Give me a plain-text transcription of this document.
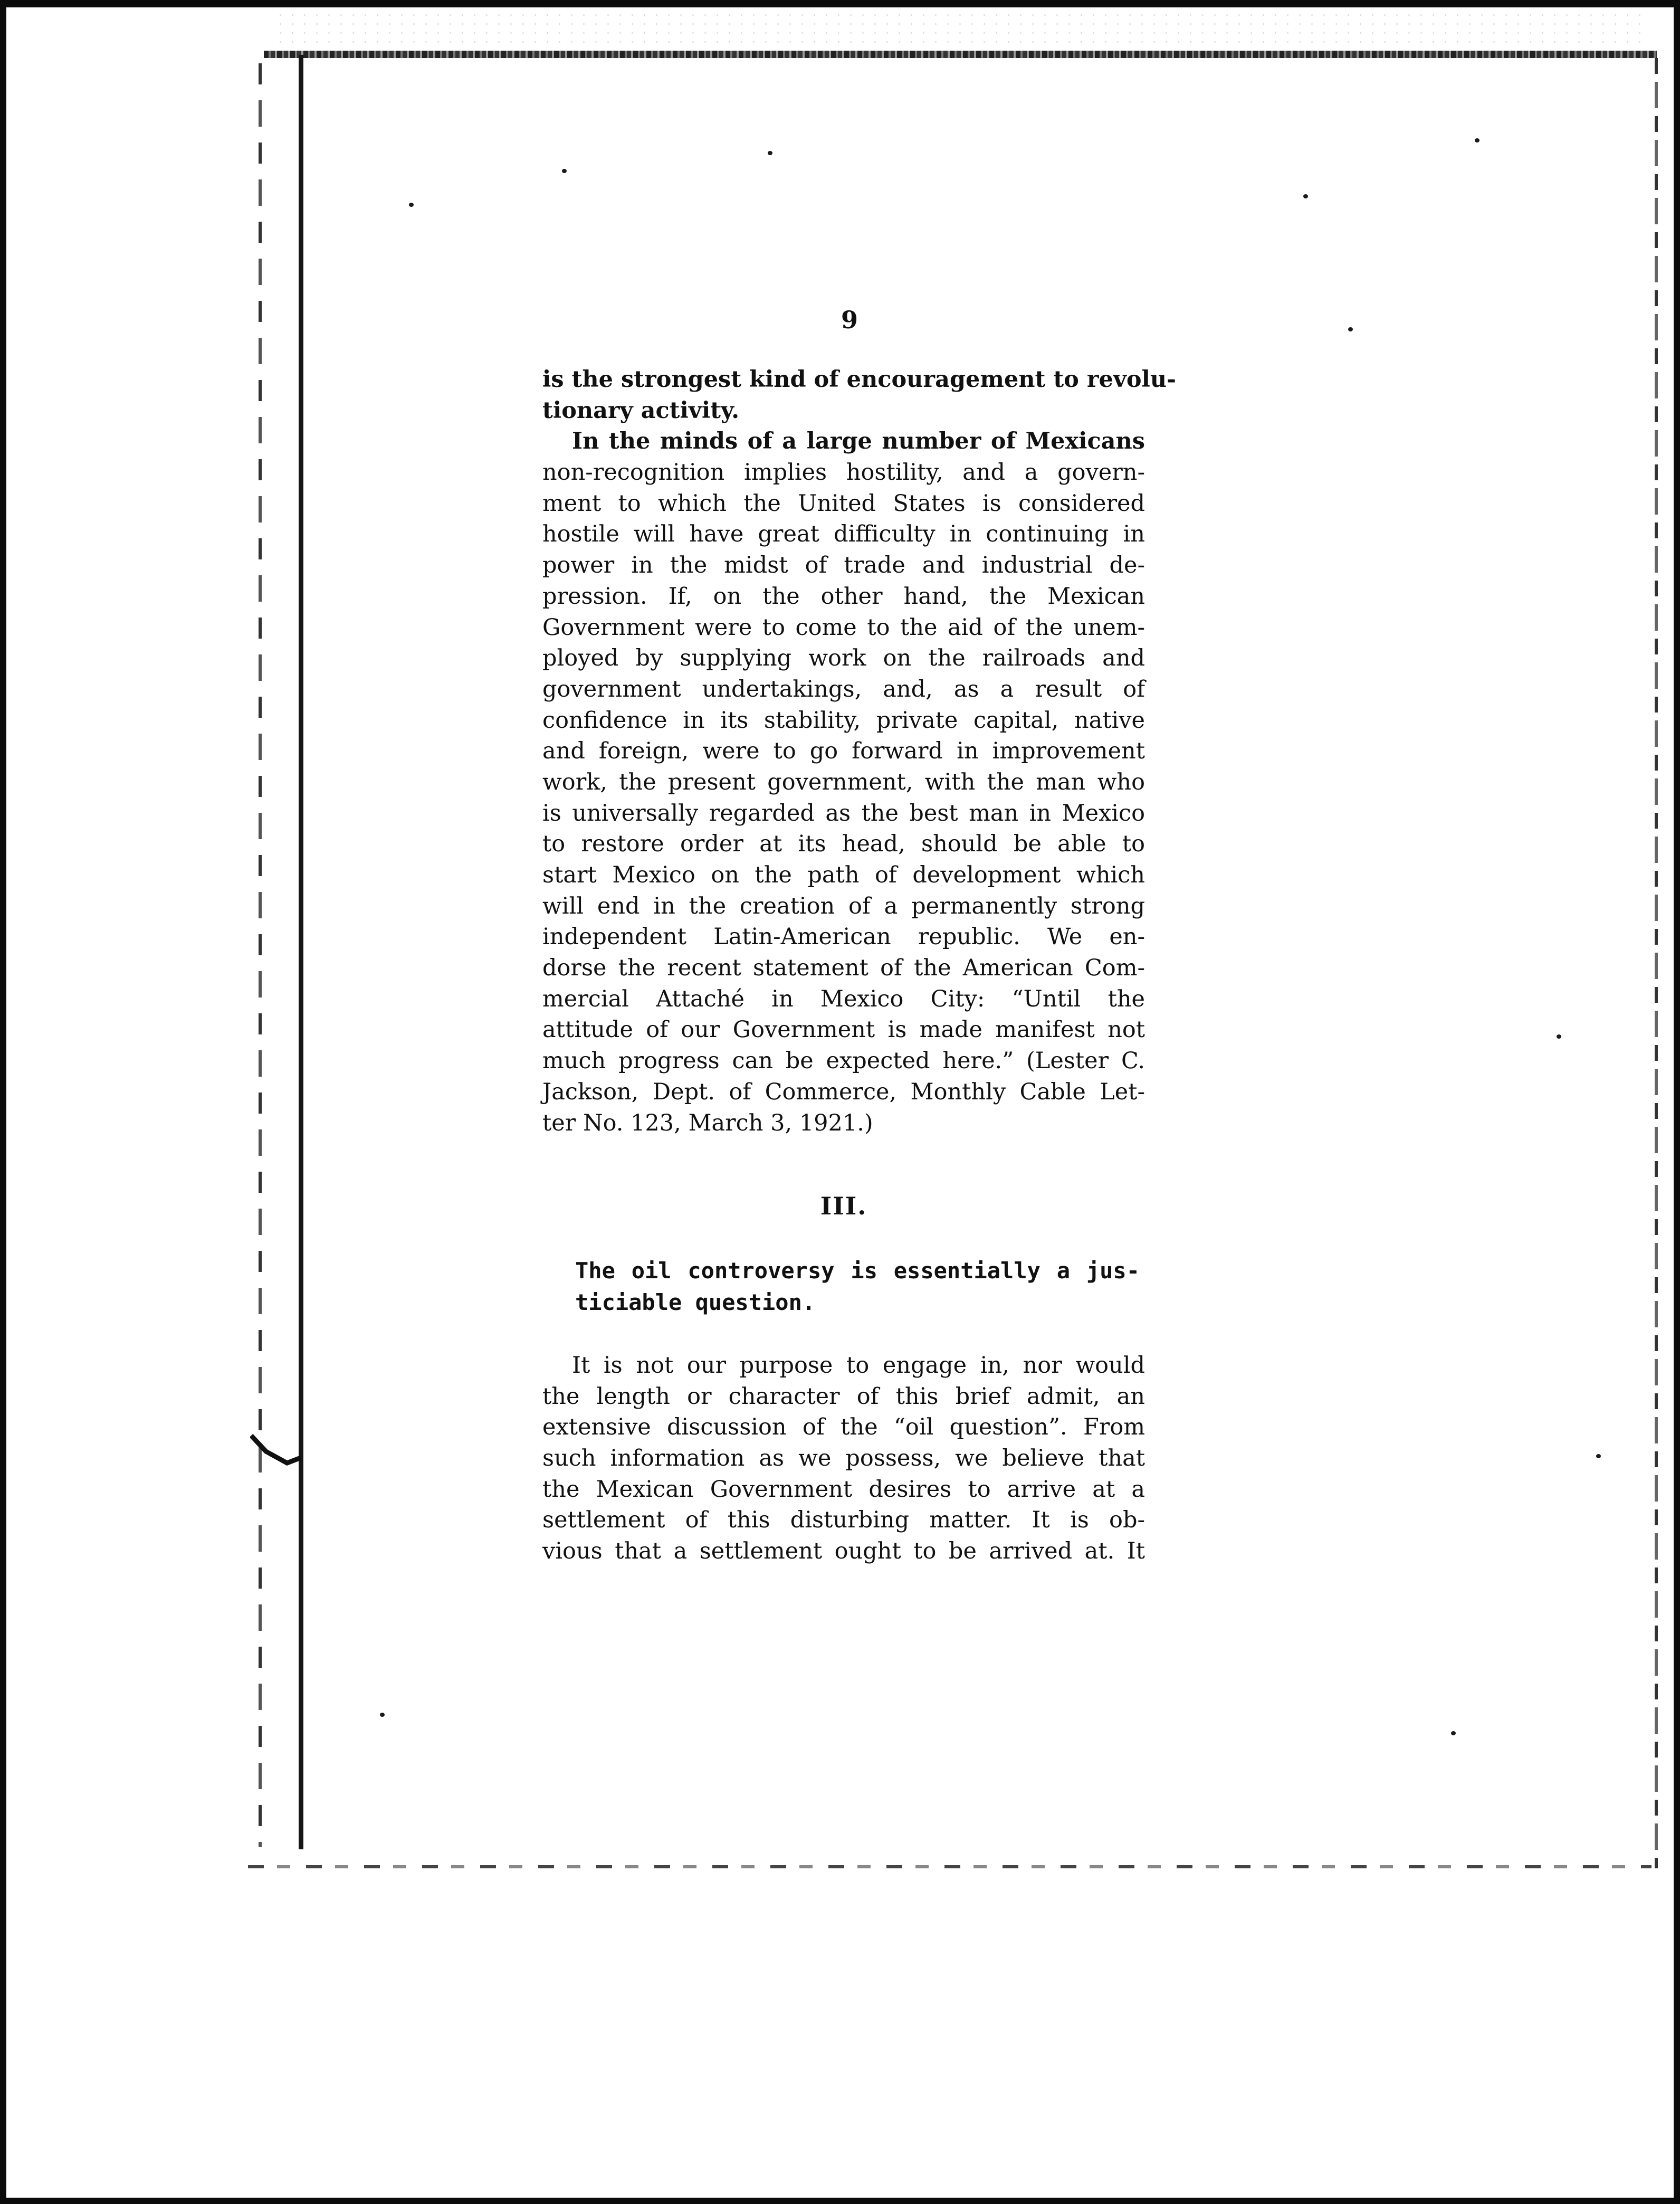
9
is the strongest kind of encouragement to revolu-
tionary activity.
In the minds of a large number of Mexicans
non-recognition implies hostility, and a govern-
ment to which the United States is considered
hostile will have great difficulty in continuing in
power in the midst of trade and industrial de-
pression. If, on the other hand, the Mexican
Government were to come to the aid of the unem-
ployed by supplying work on the railroads and
government undertakings, and, as a result of
confidence in its stability, private capital, native
and foreign, were to go forward in improvement
work, the present government, with the man who
is universally regarded as the best man in Mexico
to restore order at its head, should be able to
start Mexico on the path of development which
will end in the creation of a permanently strong
independent Latin-American republic. We en-
dorse the recent statement of the American Com-
mercial Attaché in Mexico City: “Until the
attitude of our Government is made manifest not
much progress can be expected here.” (Lester C.
Jackson, Dept. of Commerce, Monthly Cable Let-
ter No. 123, March 3, 1921.)
III.
The oil controversy is essentially a jus-
ticiable question.
It is not our purpose to engage in, nor would
the length or character of this brief admit, an
extensive discussion of the “oil question”. From
such information as we possess, we believe that
the Mexican Government desires to arrive at a
settlement of this disturbing matter. It is ob-
vious that a settlement ought to be arrived at. It
